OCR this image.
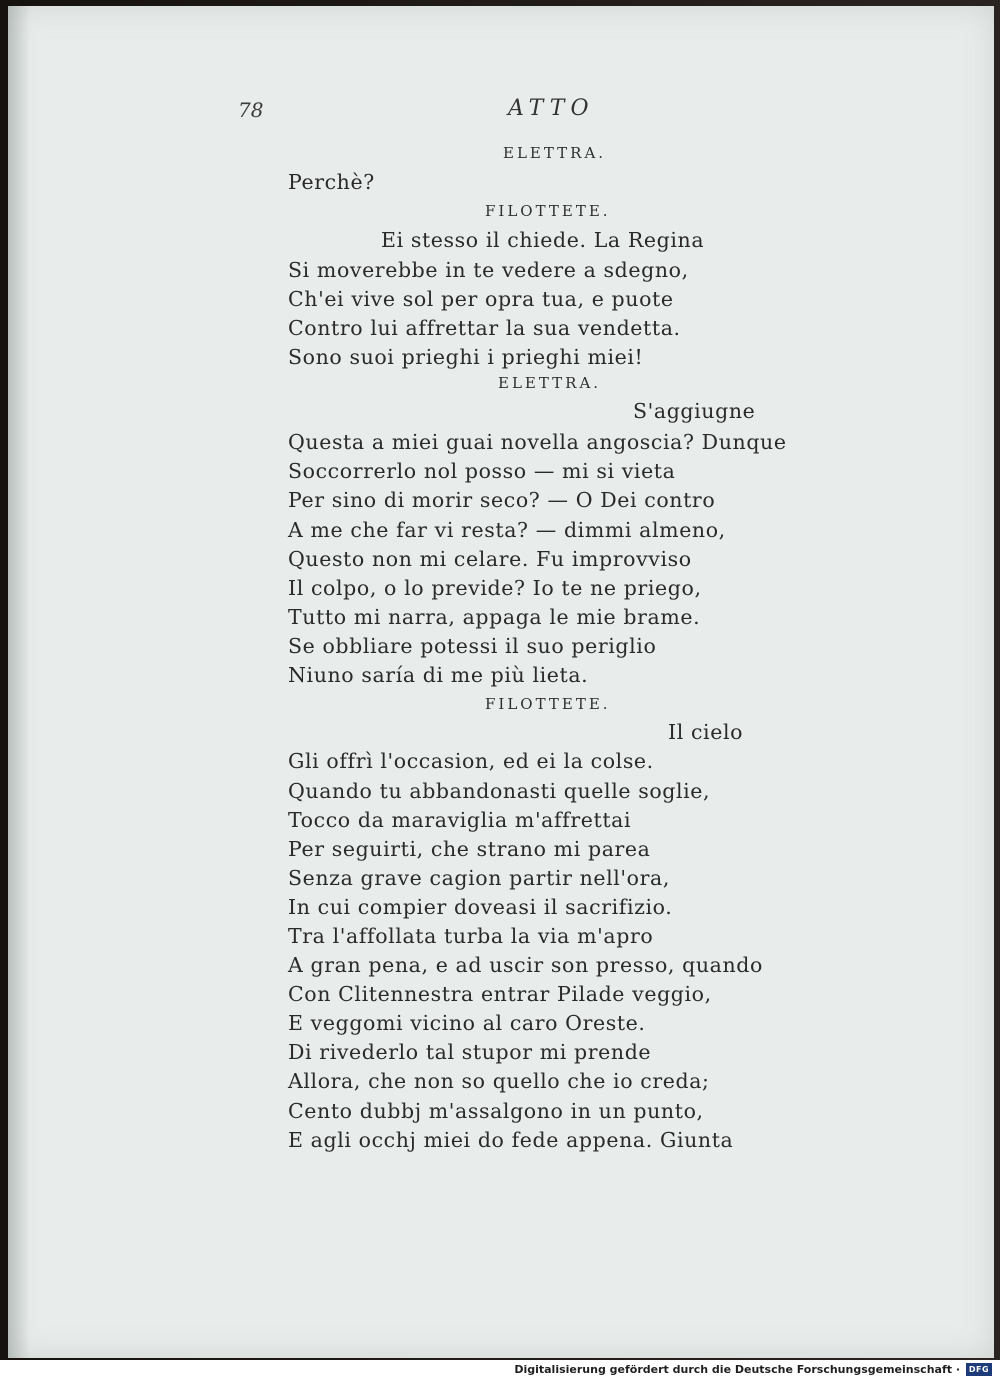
78	ATTO
ELETTRA.
Perchè?
FILOTTETE.
Ei stesso il chiede. La Regina
Si moverebbe in te vedere a sdegno,
Ch'ei vive sol per opra tua, e puote
Contro lui affrettar la sua vendetta.
Sono suoi prieghi i prieghi miei!
ELETTRA.
S'aggiugne
Questa a miei guai novella angoscia? Dunque
Soccorrerlo nol posso — mi si vieta
Per sino di morir seco? — O Dei contro
A me che far vi resta? — dimmi almeno,
Questo non mi celare. Fu improvviso
Il colpo, o lo previde? Io te ne priego,
Tutto mi narra, appaga le mie brame.
Se obbliare potessi il suo periglio
Niuno saría di me più lieta.
FILOTTETE.
Il cielo
Gli offrì l'occasion, ed ei la colse.
Quando tu abbandonasti quelle soglie,
Tocco da maraviglia m'affrettai
Per seguirti, che strano mi parea
Senza grave cagion partir nell'ora,
In cui compier doveasi il sacrifizio.
Tra l'affollata turba la via m'apro
A gran pena, e ad uscir son presso, quando
Con Clitennestra entrar Pilade veggio,
E veggomi vicino al caro Oreste.
Di rivederlo tal stupor mi prende
Allora, che non so quello che io creda;
Cento dubbj m'assalgono in un punto,
E agli occhj miei do fede appena. Giunta
Digitalisierung gefördert durch die Deutsche Forschungsgemeinschaft ·	DFG
